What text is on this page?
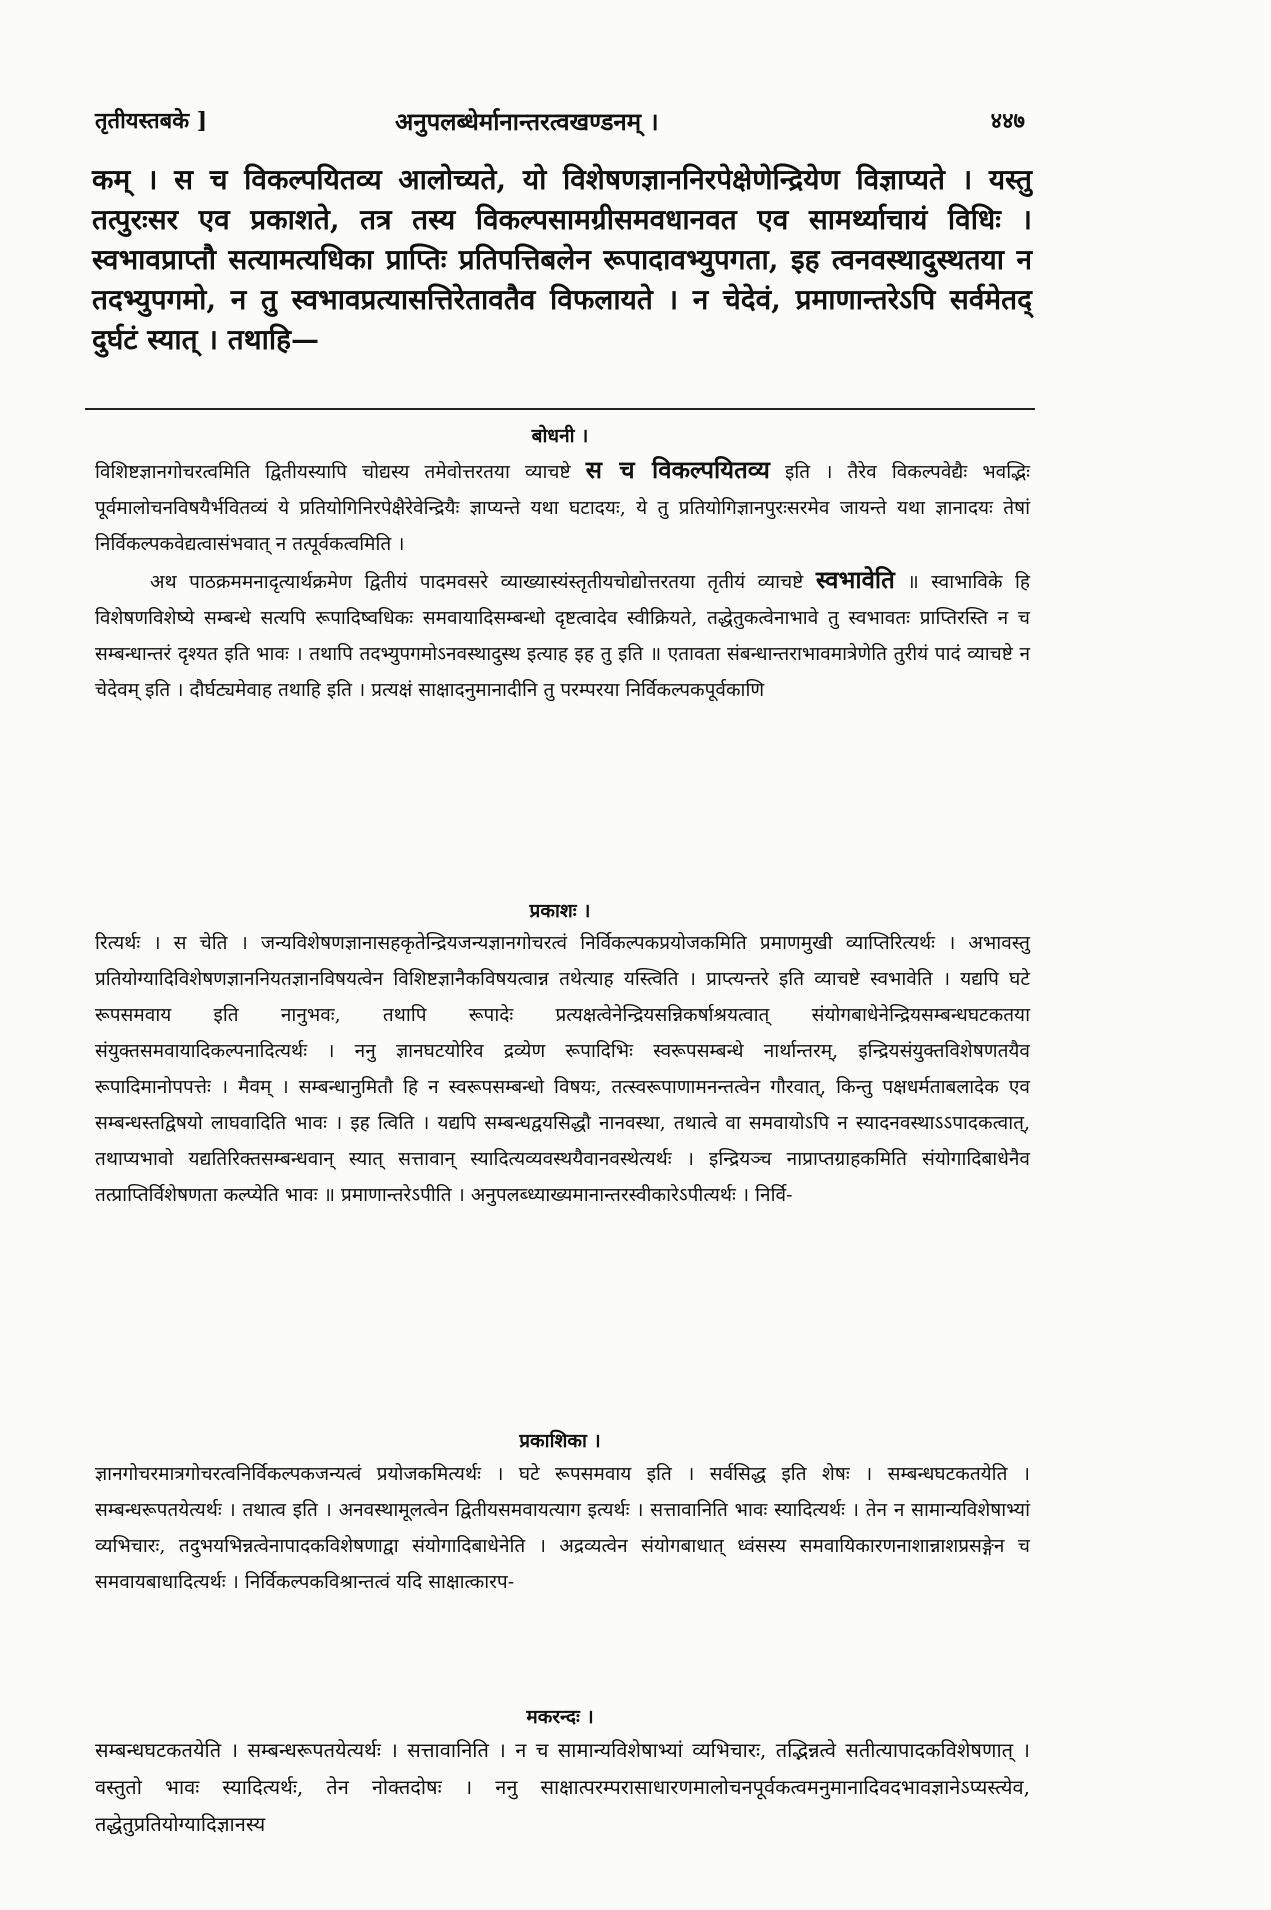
तृतीयस्तबके ]	अनुपलब्धेर्मानान्तरत्वखण्डनम् ।	४४७
कम् । स च विकल्पयितव्य आलोच्यते, यो विशेषणज्ञाननिरपेक्षेणेन्द्रियेण विज्ञाप्यते । यस्तु तत्पुरःसर एव प्रकाशते, तत्र तस्य विकल्पसामग्रीसमवधानवत एव सामर्थ्याचायं विधिः । स्वभावप्राप्तौ सत्यामत्यधिका प्राप्तिः प्रतिपत्तिबलेन रूपादावभ्युपगता, इह त्वनवस्थादुस्थतया न तदभ्युपगमो, न तु स्वभावप्रत्यासत्तिरेतावतैव विफलायते । न चेदेवं, प्रमाणान्तरेऽपि सर्वमेतद् दुर्घटं स्यात् । तथाहि—
बोधनी ।

विशिष्टज्ञानगोचरत्वमिति द्वितीयस्यापि चोद्यस्य तमेवोत्तरतया व्याचष्टे स च विकल्पयितव्य इति । तैरेव विकल्पवेद्यैः भवद्भिः पूर्वमालोचनविषयैर्भवितव्यं ये प्रतियोगिनिरपेक्षैरेवेन्द्रियैः ज्ञाप्यन्ते यथा घटादयः, ये तु प्रतियोगिज्ञानपुरःसरमेव जायन्ते यथा ज्ञानादयः तेषां निर्विकल्पकवेद्यत्वासंभवात् न तत्पूर्वकत्वमिति ।

अथ पाठक्रममनादृत्यार्थक्रमेण द्वितीयं पादमवसरे व्याख्यास्यंस्तृतीयचोद्योत्तरतया तृतीयं व्याचष्टे स्वभावेति ॥ स्वाभाविके हि विशेषणविशेष्ये सम्बन्धे सत्यपि रूपादिष्वधिकः समवायादिसम्बन्धो दृष्टत्वादेव स्वीक्रियते, तद्धेतुकत्वेनाभावे तु स्वभावतः प्राप्तिरस्ति न च सम्बन्धान्तरं दृश्यत इति भावः । तथापि तदभ्युपगमोऽनवस्थादुस्थ इत्याह इह तु इति ॥ एतावता संबन्धान्तराभावमात्रेणेति तुरीयं पादं व्याचष्टे न चेदेवम् इति । दौर्घट्यमेवाह तथाहि इति । प्रत्यक्षं साक्षादनुमानादीनि तु परम्परया निर्विकल्पकपूर्वकाणि

प्रकाशः ।
रित्यर्थः । स चेति । जन्यविशेषणज्ञानासहकृतेन्द्रियजन्यज्ञानगोचरत्वं निर्विकल्पकप्रयोजकमिति प्रमाणमुखी व्याप्तिरित्यर्थः । अभावस्तु प्रतियोग्यादिविशेषणज्ञाननियतज्ञानविषयत्वेन विशिष्टज्ञानैकविषयत्वान्न तथेत्याह यस्त्विति । प्राप्त्यन्तरे इति व्याचष्टे स्वभावेति । यद्यपि घटे रूपसमवाय इति नानुभवः, तथापि रूपादेः प्रत्यक्षत्वेनेन्द्रियसन्निकर्षाश्रयत्वात् संयोगबाधेनेन्द्रियसम्बन्धघटकतया संयुक्तसमवायादिकल्पनादित्यर्थः । ननु ज्ञानघटयोरिव द्रव्येण रूपादिभिः स्वरूपसम्बन्धे नार्थान्तरम्, इन्द्रियसंयुक्तविशेषणतयैव रूपादिमानोपपत्तेः । मैवम् । सम्बन्धानुमितौ हि न स्वरूपसम्बन्धो विषयः, तत्स्वरूपाणामनन्तत्वेन गौरवात्, किन्तु पक्षधर्मताबलादेक एव सम्बन्धस्तद्विषयो लाघवादिति भावः । इह त्विति । यद्यपि सम्बन्धद्वयसिद्धौ नानवस्था, तथात्वे वा समवायोऽपि न स्यादनवस्थाऽऽपादकत्वात्, तथाप्यभावो यद्यतिरिक्तसम्बन्धवान् स्यात् सत्तावान् स्यादित्यव्यवस्थयैवानवस्थेत्यर्थः । इन्द्रियञ्च नाप्राप्तग्राहकमिति संयोगादिबाधेनैव तत्प्राप्तिर्विशेषणता कल्प्येति भावः ॥ प्रमाणान्तरेऽपीति । अनुपलब्ध्याख्यमानान्तरस्वीकारेऽपीत्यर्थः । निर्वि-
प्रकाशिका ।
ज्ञानगोचरमात्रगोचरत्वनिर्विकल्पकजन्यत्वं प्रयोजकमित्यर्थः । घटे रूपसमवाय इति । सर्वसिद्ध इति शेषः । सम्बन्धघटकतयेति । सम्बन्धरूपतयेत्यर्थः । तथात्व इति । अनवस्थामूलत्वेन द्वितीयसमवायत्याग इत्यर्थः । सत्तावानिति भावः स्यादित्यर्थः । तेन न सामान्यविशेषाभ्यां व्यभिचारः, तदुभयभिन्नत्वेनापादकविशेषणाद्वा संयोगादिबाधेनेति । अद्रव्यत्वेन संयोगबाधात् ध्वंसस्य समवायिकारणनाशान्नाशप्रसङ्गेन च समवायबाधादित्यर्थः । निर्विकल्पकविश्रान्तत्वं यदि साक्षात्कारप-
मकरन्दः ।
सम्बन्धघटकतयेति । सम्बन्धरूपतयेत्यर्थः । सत्तावानिति । न च सामान्यविशेषाभ्यां व्यभिचारः, तद्भिन्नत्वे सतीत्यापादकविशेषणात् । वस्तुतो भावः स्यादित्यर्थः, तेन नोक्तदोषः । ननु साक्षात्परम्परासाधारणमालोचनपूर्वकत्वमनुमानादिवदभावज्ञानेऽप्यस्त्येव, तद्धेतुप्रतियोग्यादिज्ञानस्य
